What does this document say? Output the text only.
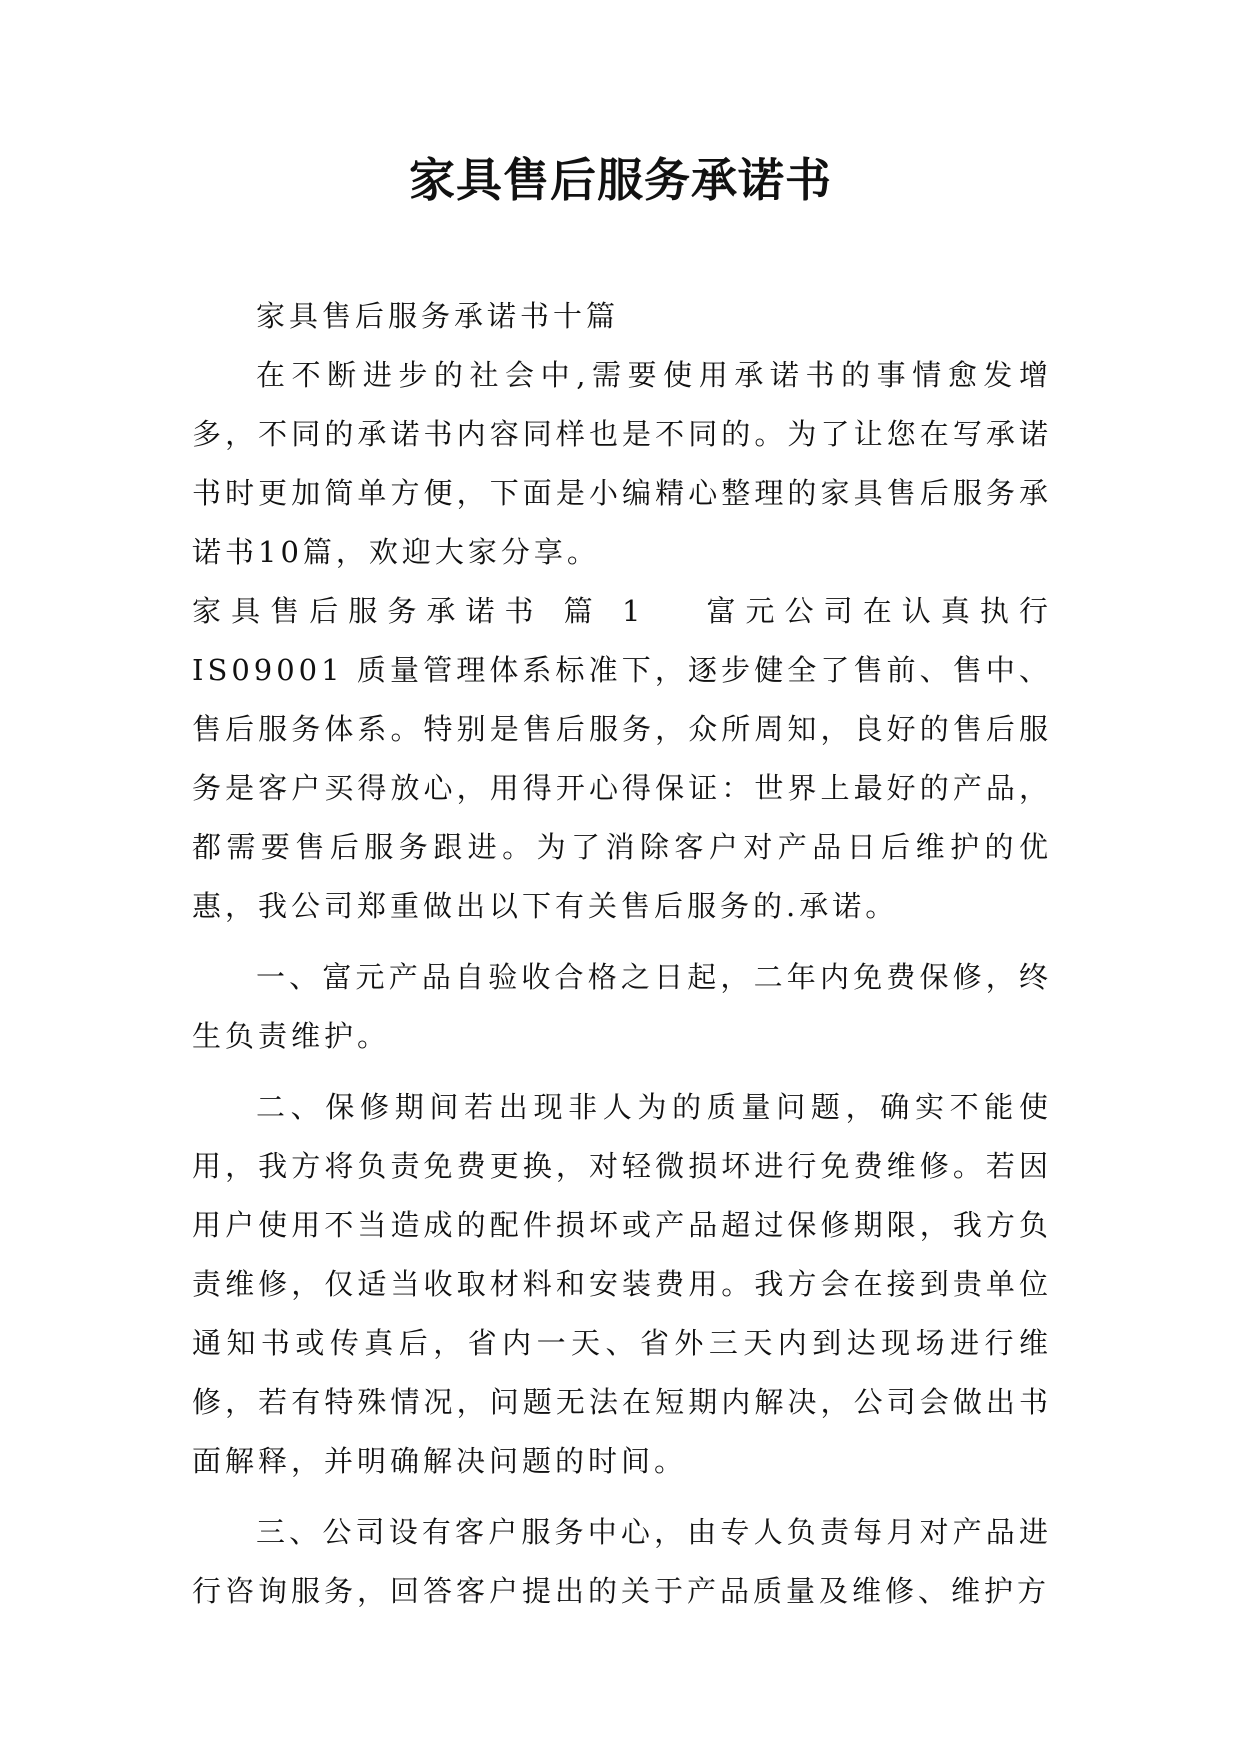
家具售后服务承诺书

家具售后服务承诺书十篇

在不断进步的社会中,需要使用承诺书的事情愈发增多，不同的承诺书内容同样也是不同的。为了让您在写承诺书时更加简单方便，下面是小编精心整理的家具售后服务承诺书10篇，欢迎大家分享。

家具售后服务承诺书 篇 1 富元公司在认真执行 IS09001 质量管理体系标准下，逐步健全了售前、售中、售后服务体系。特别是售后服务，众所周知，良好的售后服务是客户买得放心，用得开心得保证：世界上最好的产品，都需要售后服务跟进。为了消除客户对产品日后维护的优惠，我公司郑重做出以下有关售后服务的.承诺。

一、富元产品自验收合格之日起，二年内免费保修，终生负责维护。

二、保修期间若出现非人为的质量问题，确实不能使用，我方将负责免费更换，对轻微损坏进行免费维修。若因用户使用不当造成的配件损坏或产品超过保修期限，我方负责维修，仅适当收取材料和安装费用。我方会在接到贵单位通知书或传真后，省内一天、省外三天内到达现场进行维修，若有特殊情况，问题无法在短期内解决，公司会做出书面解释，并明确解决问题的时间。

三、公司设有客户服务中心，由专人负责每月对产品进行咨询服务，回答客户提出的关于产品质量及维修、维护方
